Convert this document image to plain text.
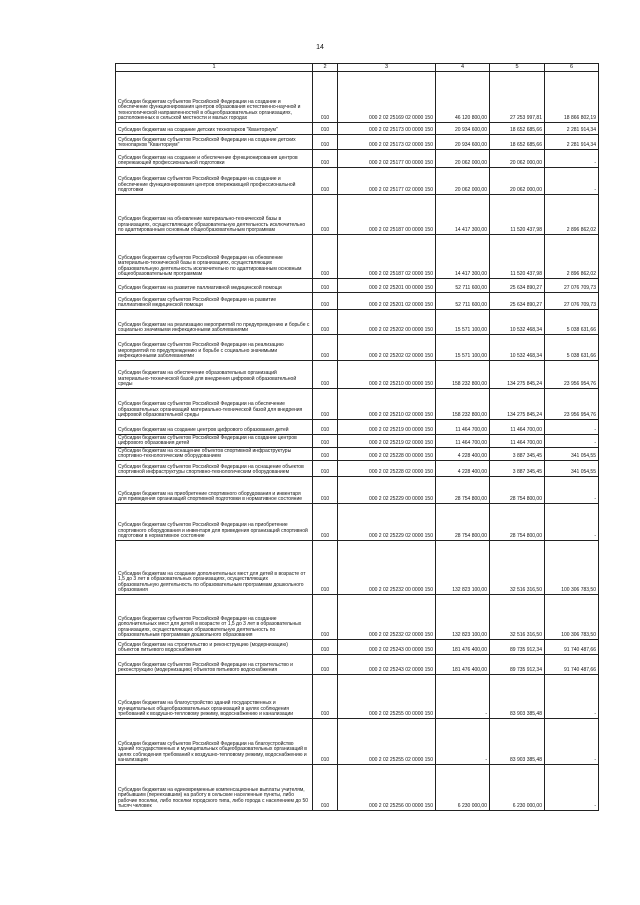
14
1	2	3	4	5	6
Субсидии бюджетам субъектов Российской Федерации на создание и обеспечение функционирования центров образования естественно-научной и технологической направленностей в общеобразовательных организациях, расположенных в сельской местности и малых городах	010	000 2 02 25169 02 0000 150	46 120 800,00	27 253 997,81	18 866 802,19
Субсидии бюджетам на создание детских технопарков "Кванториум"	010	000 2 02 25173 00 0000 150	20 934 600,00	18 652 685,66	2 281 914,34
Субсидии бюджетам субъектов Российской Федерации на создание детских технопарков "Кванториум"	010	000 2 02 25173 02 0000 150	20 934 600,00	18 652 685,66	2 281 914,34
Субсидии бюджетам на создание и обеспечение функционирования центров опережающей профессиональной подготовки	010	000 2 02 25177 00 0000 150	20 062 000,00	20 062 000,00	-
Субсидии бюджетам субъектов Российской Федерации на создание и обеспечение функционирования центров опережающей профессиональной подготовки	010	000 2 02 25177 02 0000 150	20 062 000,00	20 062 000,00	-
Субсидии бюджетам на обновление материально-технической базы в организациях, осуществляющих образовательную деятельность исключительно по адаптированным основным общеобразовательным программам	010	000 2 02 25187 00 0000 150	14 417 300,00	11 520 437,98	2 896 862,02
Субсидии бюджетам субъектов Российской Федерации на обновление материально-технической базы в организациях, осуществляющих образовательную деятельность исключительно по адаптированным основным общеобразовательным программам	010	000 2 02 25187 02 0000 150	14 417 300,00	11 520 437,98	2 896 862,02
Субсидии бюджетам на развитие паллиативной медицинской помощи	010	000 2 02 25201 00 0000 150	52 711 600,00	25 634 890,27	27 076 709,73
Субсидии бюджетам субъектов Российской Федерации на развитие паллиативной медицинской помощи	010	000 2 02 25201 02 0000 150	52 711 600,00	25 634 890,27	27 076 709,73
Субсидии бюджетам на реализацию мероприятий по предупреждению и борьбе с социально значимыми инфекционными заболеваниями	010	000 2 02 25202 00 0000 150	15 571 100,00	10 532 468,34	5 038 631,66
Субсидии бюджетам субъектов Российской Федерации на реализацию мероприятий по предупреждению и борьбе с социально значимыми инфекционными заболеваниями	010	000 2 02 25202 02 0000 150	15 571 100,00	10 532 468,34	5 038 631,66
Субсидии бюджетам на обеспечение образовательных организаций материально-технической базой для внедрения цифровой образовательной среды	010	000 2 02 25210 00 0000 150	158 232 800,00	134 275 845,24	23 956 954,76
Субсидии бюджетам субъектов Российской Федерации на обеспечение образовательных организаций материально-технической базой для внедрения цифровой образовательной среды	010	000 2 02 25210 02 0000 150	158 232 800,00	134 275 845,24	23 956 954,76
Субсидии бюджетам на создание центров цифрового образования детей	010	000 2 02 25219 00 0000 150	11 464 700,00	11 464 700,00	-
Субсидии бюджетам субъектов Российской Федерации на создание центров цифрового образования детей	010	000 2 02 25219 02 0000 150	11 464 700,00	11 464 700,00	-
Субсидии бюджетам на оснащение объектов спортивной инфраструктуры спортивно-технологическим оборудованием	010	000 2 02 25228 00 0000 150	4 228 400,00	3 887 345,45	341 054,55
Субсидии бюджетам субъектов Российской Федерации на оснащение объектов спортивной инфраструктуры спортивно-технологическим оборудованием	010	000 2 02 25228 02 0000 150	4 228 400,00	3 887 345,45	341 054,55
Субсидии бюджетам на приобретение спортивного оборудования и инвентаря для приведения организаций спортивной подготовки в нормативное состояние	010	000 2 02 25229 00 0000 150	28 754 800,00	28 754 800,00	-
Субсидии бюджетам субъектов Российской Федерации на приобретение спортивного оборудования и инвентаря для приведения организаций спортивной подготовки в нормативное состояние	010	000 2 02 25229 02 0000 150	28 754 800,00	28 754 800,00	-
Субсидии бюджетам на создание дополнительных мест для детей в возрасте от 1,5 до 3 лет в образовательных организациях, осуществляющих образовательную деятельность по образовательным программам дошкольного образования	010	000 2 02 25232 00 0000 150	132 823 100,00	32 516 316,50	100 306 783,50
Субсидии бюджетам субъектов Российской Федерации на создание дополнительных мест для детей в возрасте от 1,5 до 3 лет в образовательных организациях, осуществляющих образовательную деятельность по образовательным программам дошкольного образования	010	000 2 02 25232 02 0000 150	132 823 100,00	32 516 316,50	100 306 783,50
Субсидии бюджетам на строительство и реконструкцию (модернизацию) объектов питьевого водоснабжения	010	000 2 02 25243 00 0000 150	181 476 400,00	89 735 912,34	91 740 487,66
Субсидии бюджетам субъектов Российской Федерации на строительство и реконструкцию (модернизацию) объектов питьевого водоснабжения	010	000 2 02 25243 02 0000 150	181 476 400,00	89 735 912,34	91 740 487,66
Субсидии бюджетам на благоустройство зданий государственных и муниципальных общеобразовательных организаций в целях соблюдения требований к воздушно-тепловому режиму, водоснабжению и канализации	010	000 2 02 25255 00 0000 150	-	83 903 385,48	-
Субсидии бюджетам субъектов Российской Федерации на благоустройство зданий государственных и муниципальных общеобразовательных организаций в целях соблюдения требований к воздушно-тепловому режиму, водоснабжению и канализации	010	000 2 02 25255 02 0000 150	-	83 903 385,48	-
Субсидии бюджетам на единовременные компенсационные выплаты учителям, прибывшим (переехавшим) на работу в сельские населенные пункты, либо рабочие поселки, либо поселки городского типа, либо города с населением до 50 тысяч человек	010	000 2 02 25256 00 0000 150	6 230 000,00	6 230 000,00	-
